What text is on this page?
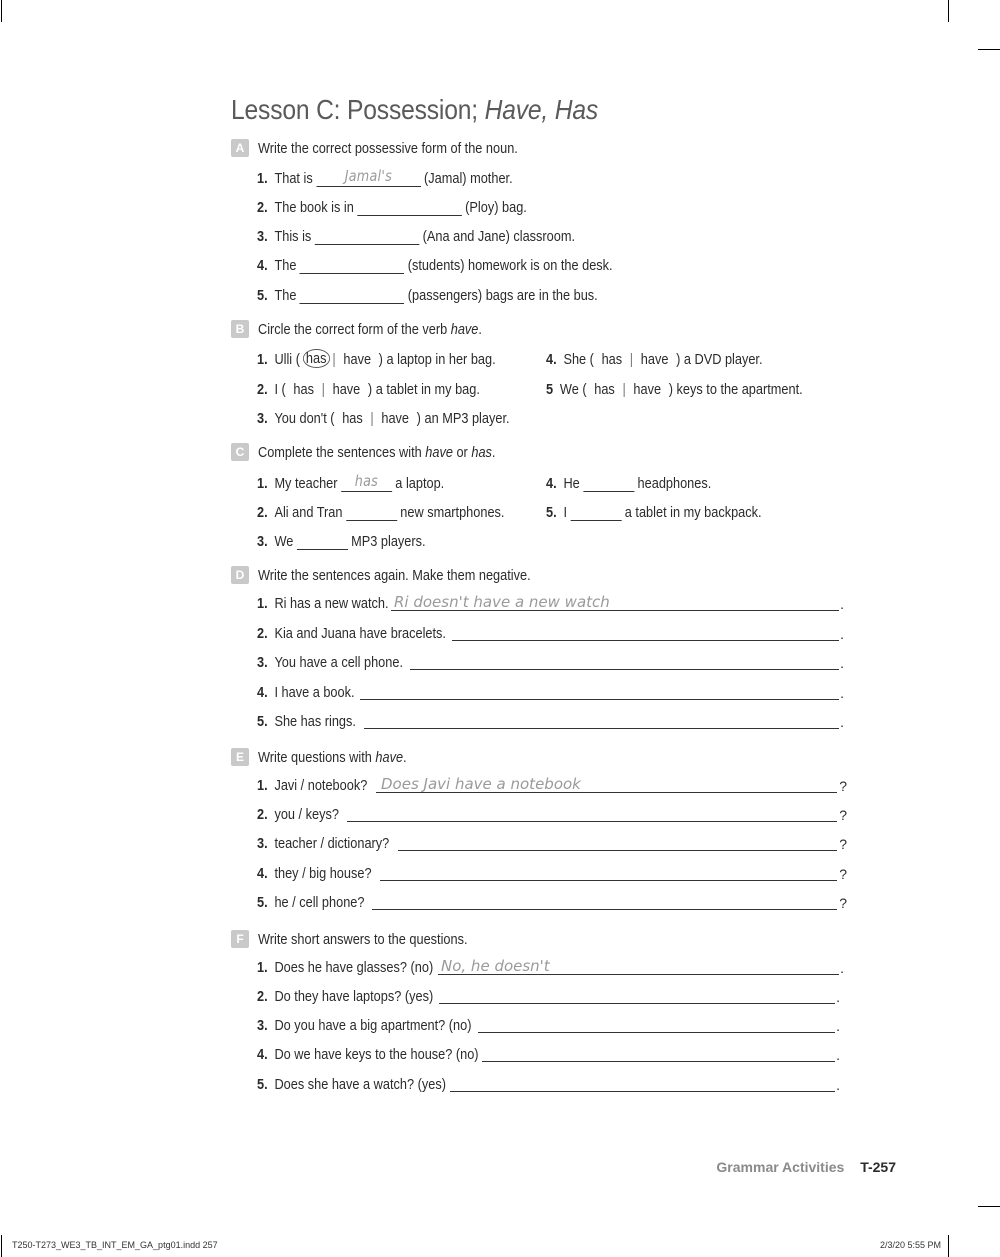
Lesson C: Possession; Have, Has
A Write the correct possessive form of the noun.
1. That is	Jamal's	(Jamal) mother.
2. The book is in	(Ploy) bag.
3. This is	(Ana and Jane) classroom.
4. The	(students) homework is on the desk.
5. The	(passengers) bags are in the bus.
B Circle the correct form of the verb have.
1. Ulli ( has | have ) a laptop in her bag.
2. I ( has | have ) a tablet in my bag.
3. You don't ( has | have ) an MP3 player.
4. She ( has | have ) a DVD player.
5 We ( has | have ) keys to the apartment.
C Complete the sentences with have or has.
1. My teacher	has	a laptop.
2. Ali and Tran	new smartphones.
3. We	MP3 players.
4. He	headphones.
5. I	a tablet in my backpack.
D Write the sentences again. Make them negative.
1. Ri has a new watch. Ri doesn't have a new watch	.
2. Kia and Juana have bracelets.	.
3. You have a cell phone.	.
4. I have a book.	.
5. She has rings.	.
E Write questions with have.
1. Javi / notebook? Does Javi have a notebook	?
2. you / keys?	?
3. teacher / dictionary?	?
4. they / big house?	?
5. he / cell phone?	?
F Write short answers to the questions.
1. Does he have glasses? (no) No, he doesn't	.
2. Do they have laptops? (yes)	.
3. Do you have a big apartment? (no)	.
4. Do we have keys to the house? (no)	.
5. Does she have a watch? (yes)	.
Grammar Activities T-257
T250-T273_WE3_TB_INT_EM_GA_ptg01.indd 257	2/3/20 5:55 PM
